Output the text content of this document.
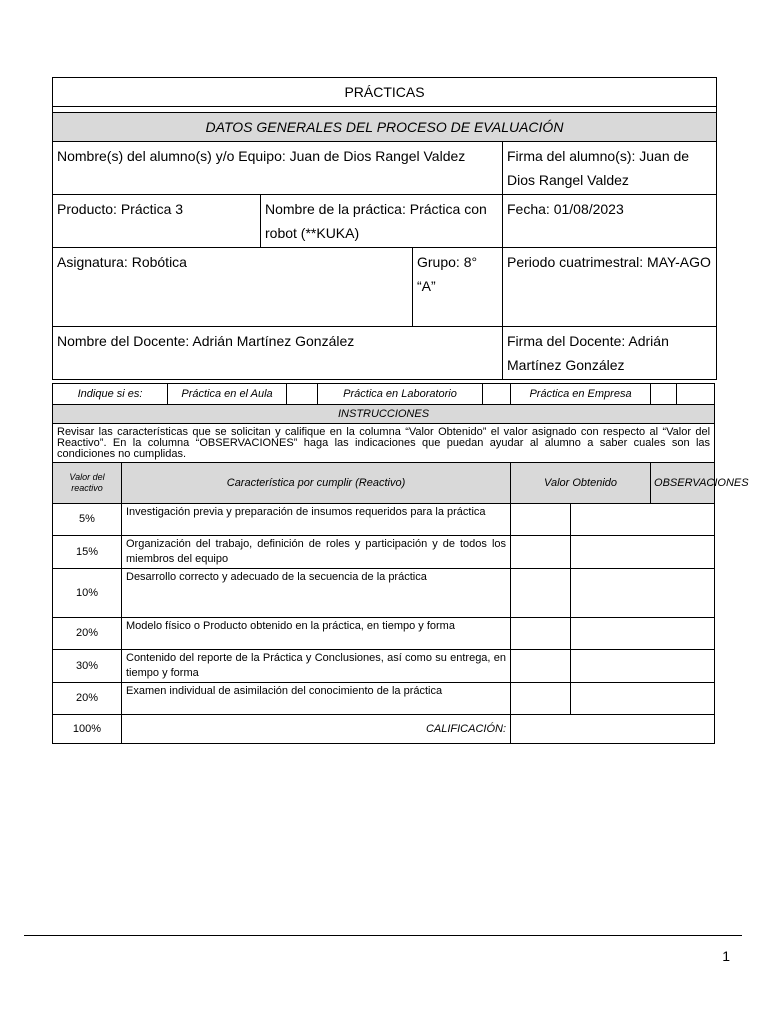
PRÁCTICAS			

DATOS GENERALES DEL PROCESO DE EVALUACIÓN			
Nombre(s) del alumno(s) y/o Equipo: Juan de Dios Rangel Valdez			Firma del alumno(s): Juan de Dios Rangel Valdez
Producto: Práctica 3	Nombre de la práctica: Práctica con robot (**KUKA)		Fecha: 01/08/2023
Asignatura: Robótica		Grupo: 8° “A”	Periodo cuatrimestral: MAY-AGO
Nombre del Docente: Adrián Martínez González			Firma del Docente: Adrián Martínez González
Indique si es:		Práctica en el Aula		Práctica en Laboratorio		Práctica en Empresa			
INSTRUCCIONES									
Revisar las características que se solicitan y califique en la columna “Valor Obtenido” el valor asignado con respecto al “Valor del Reactivo”. En la columna “OBSERVACIONES” haga las indicaciones que puedan ayudar al alumno a saber cuales son las condiciones no cumplidas.									
Valor del reactivo	Característica por cumplir (Reactivo)					Valor Obtenido		OBSERVACIONES	
5%	Investigación previa y preparación de insumos requeridos para la práctica								
15%	Organización del trabajo, definición de roles y participación y de todos los miembros del equipo								
10%	Desarrollo correcto y adecuado de la secuencia de la práctica								
20%	Modelo físico o Producto obtenido en la práctica, en tiempo y forma								
30%	Contenido del reporte de la Práctica y Conclusiones, así como su entrega, en tiempo y forma								
20%	Examen individual de asimilación del conocimiento de la práctica								
100%	CALIFICACIÓN:								
1
